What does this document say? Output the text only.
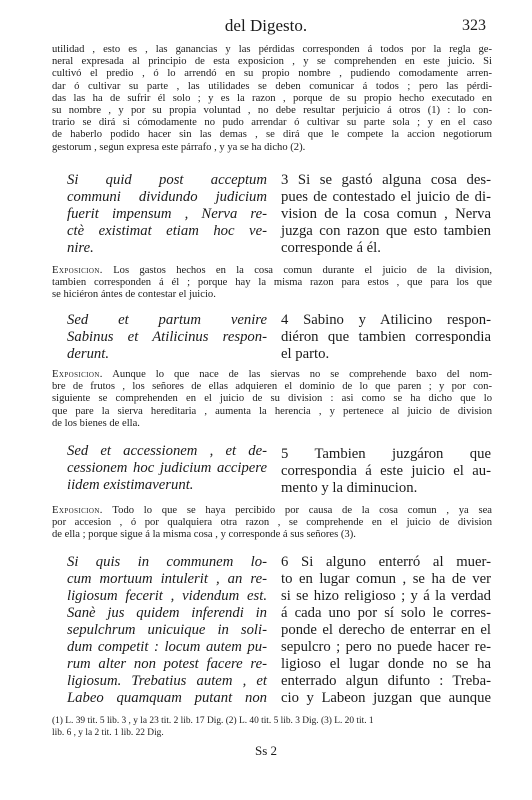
del Digesto.	323
utilidad , esto es , las ganancias y las pérdidas corresponden á todos por la regla ge-
neral expresada al principio de esta exposicion , y se comprehenden en este juicio. Si
cultivó el predio , ó lo arrendó en su propio nombre , pudiendo comodamente arren-
dar ó cultivar su parte , las utilidades se deben comunicar á todos ; pero las pérdi-
das las ha de sufrir él solo ; y es la razon , porque de su propio hecho executado en
su nombre , y por su propia voluntad , no debe resultar perjuicio á otros (1) : lo con-
trario se dirá si cómodamente no pudo arrendar ó cultivar su parte sola ; y en el caso
de haberlo podido hacer sin las demas , se dirá que le compete la accion negotiorum
gestorum , segun expresa este párrafo , y ya se ha dicho (2).
Si quid post acceptum
communi dividundo judicium
fuerit impensum , Nerva re-
ctè existimat etiam hoc ve-
nire.
3 Si se gastó alguna cosa des-
pues de contestado el juicio de di-
vision de la cosa comun , Nerva
juzga con razon que esto tambien
corresponde á él.
Exposicion. Los gastos hechos en la cosa comun durante el juicio de la division,
tambien corresponden á él ; porque hay la misma razon para estos , que para los que
se hiciéron ántes de contestar el juicio.
Sed et partum venire
Sabinus et Atilicinus respon-
derunt.
4 Sabino y Atilicino respon-
diéron que tambien correspondia
el parto.
Exposicion. Aunque lo que nace de las siervas no se comprehende baxo del nom-
bre de frutos , los señores de ellas adquieren el dominio de lo que paren ; y por con-
siguiente se comprehenden en el juicio de su division : asi como se ha dicho que lo
que pare la sierva hereditaria , aumenta la herencia , y pertenece al juicio de division
de los bienes de ella.
Sed et accessionem , et de-
cessionem hoc judicium accipere
iidem existimaverunt.
5 Tambien juzgáron que
correspondia á este juicio el au-
mento y la diminucion.
Exposicion. Todo lo que se haya percibido por causa de la cosa comun , ya sea
por accesion , ó por qualquiera otra razon , se comprehende en el juicio de division
de ella ; porque sigue á la misma cosa , y corresponde á sus señores (3).
Si quis in communem lo-
cum mortuum intulerit , an re-
ligiosum fecerit , videndum est.
Sanè jus quidem inferendi in
sepulchrum unicuique in soli-
dum competit : locum autem pu-
rum alter non potest facere re-
ligiosum. Trebatius autem , et
Labeo quamquam putant non
6 Si alguno enterró al muer-
to en lugar comun , se ha de ver
si se hizo religioso ; y á la verdad
á cada uno por sí solo le corres-
ponde el derecho de enterrar en el
sepulcro ; pero no puede hacer re-
ligioso el lugar donde no se ha
enterrado algun difunto : Treba-
cio y Labeon juzgan que aunque
(1) L. 39 tit. 5 lib. 3 , y la 23 tit. 2 lib. 17 Dig. (2) L. 40 tit. 5 lib. 3 Dig. (3) L. 20 tit. 1
lib. 6 , y la 2 tit. 1 lib. 22 Dig.
Ss 2
